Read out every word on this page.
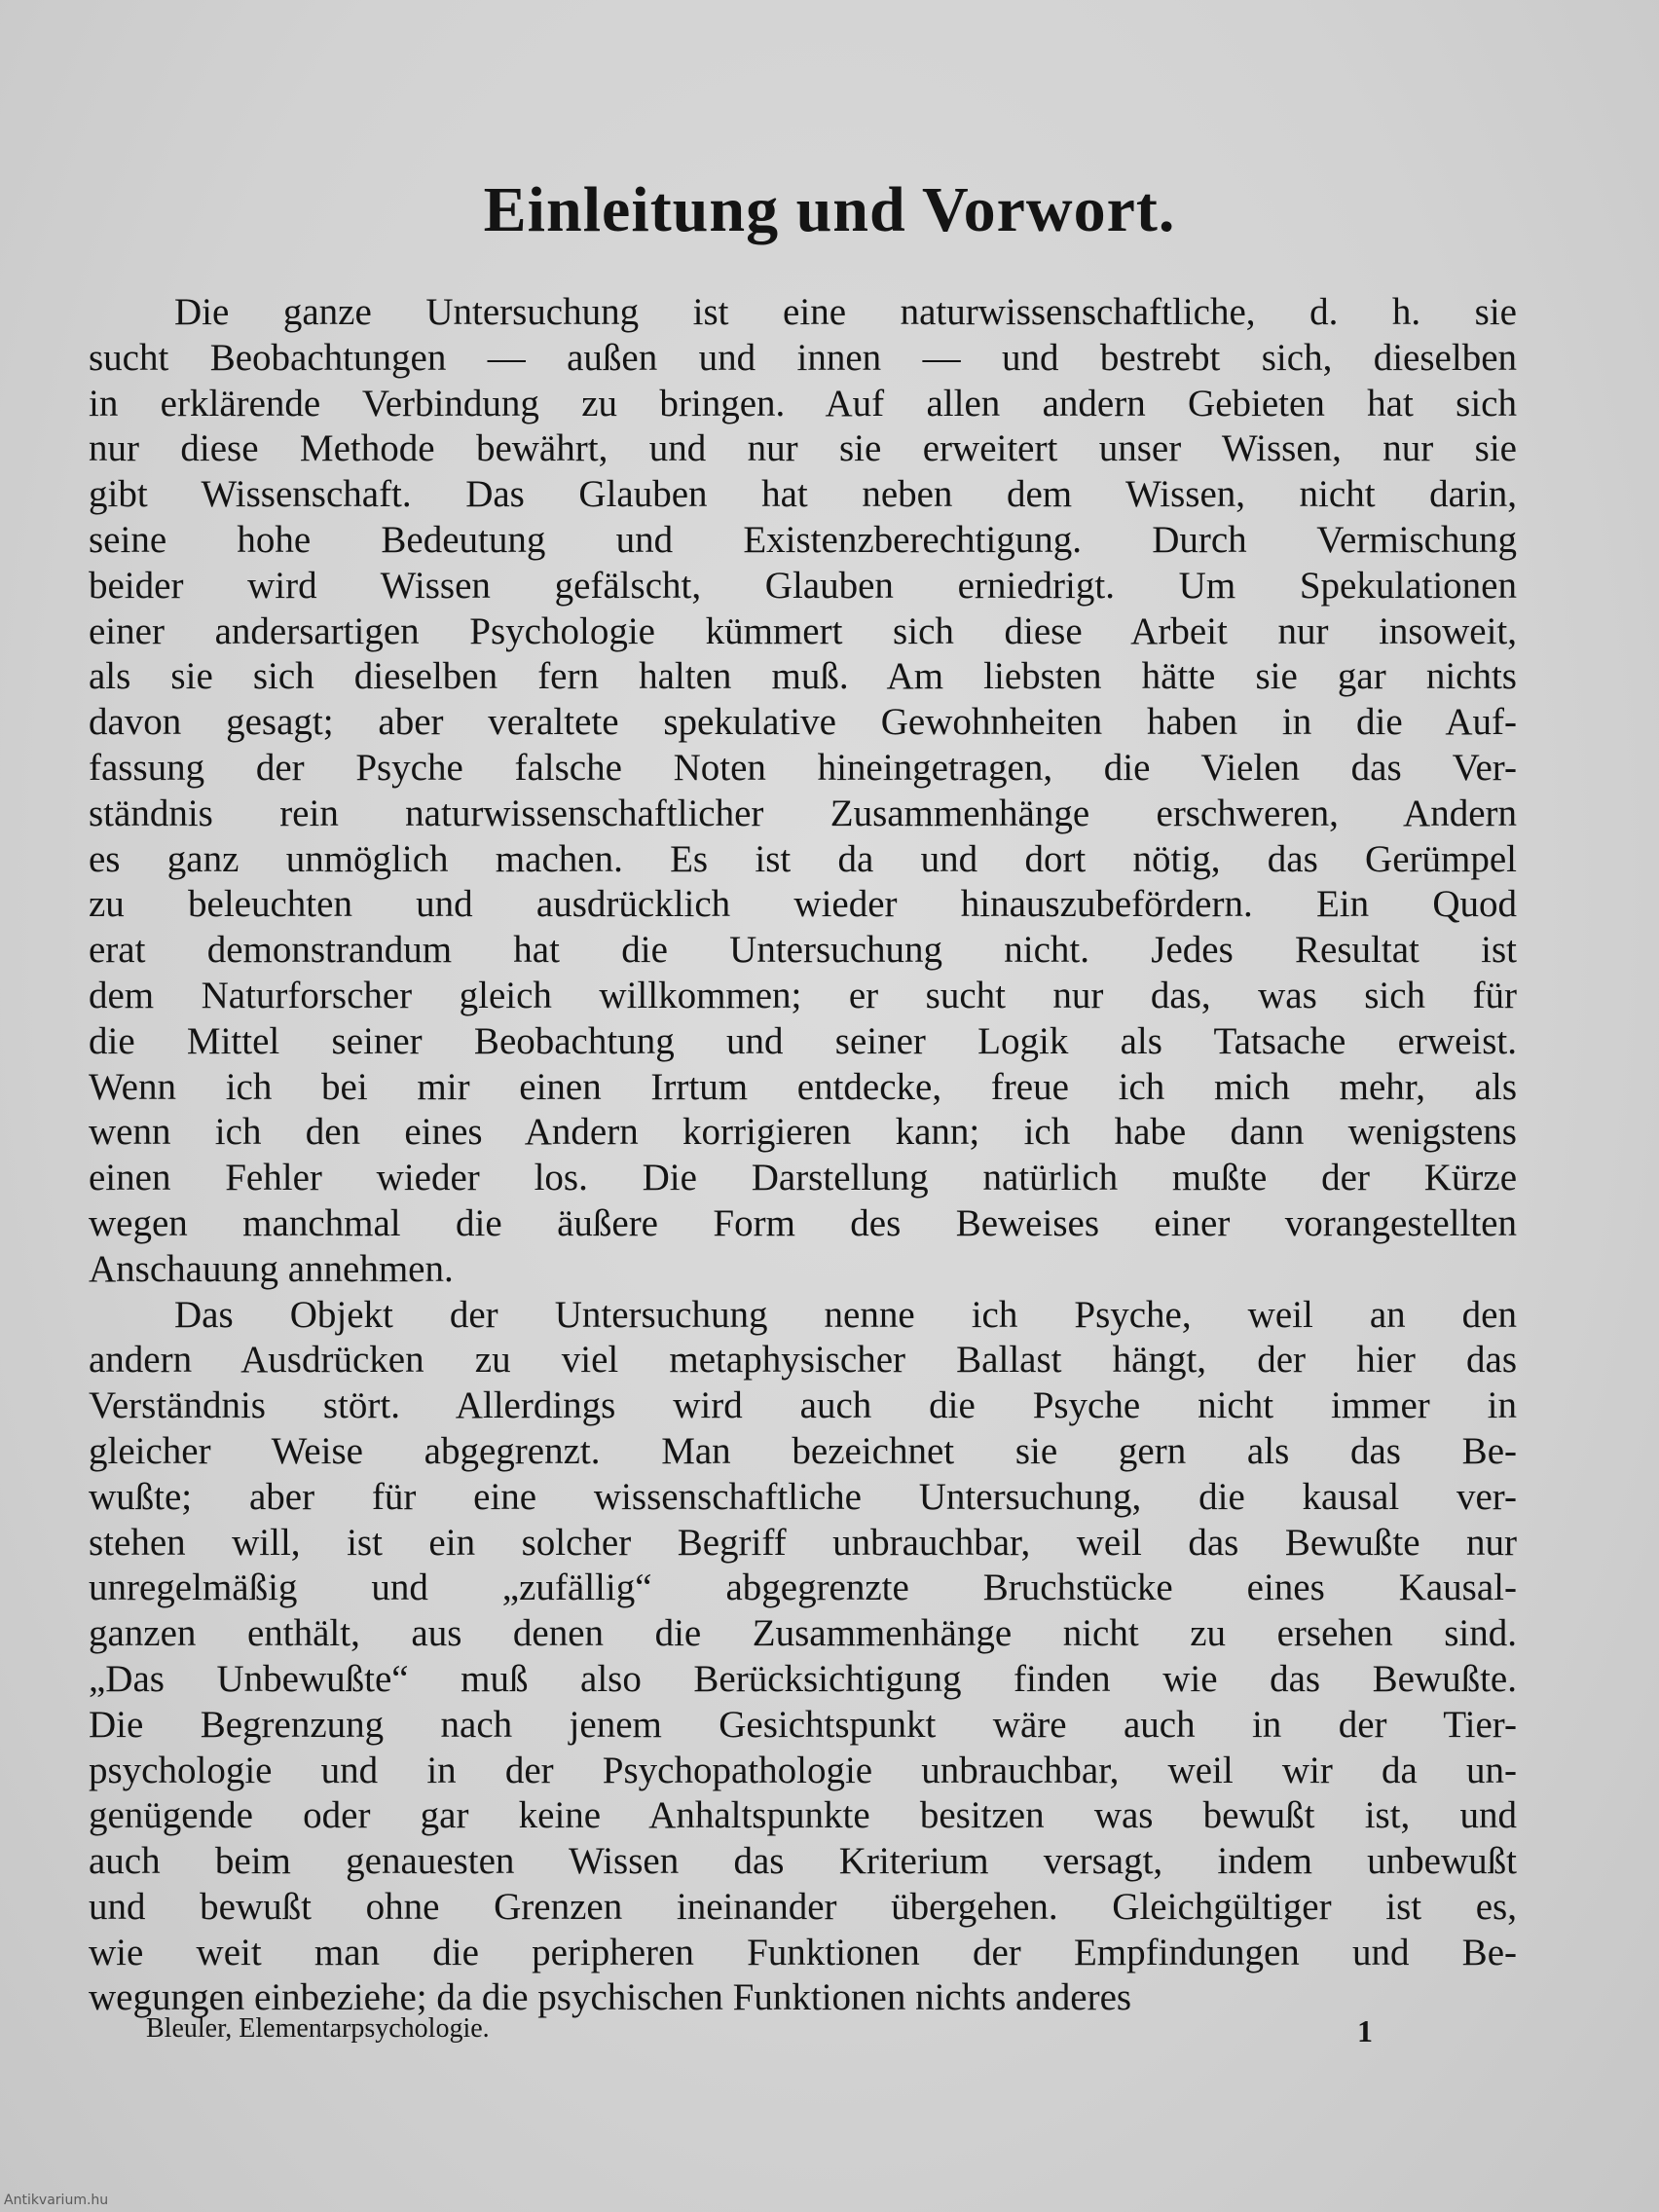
Einleitung und Vorwort.

Die ganze Untersuchung ist eine naturwissenschaftliche, d. h. sie
sucht Beobachtungen — außen und innen — und bestrebt sich, dieselben
in erklärende Verbindung zu bringen. Auf allen andern Gebieten hat sich
nur diese Methode bewährt, und nur sie erweitert unser Wissen, nur sie
gibt Wissenschaft. Das Glauben hat neben dem Wissen, nicht darin,
seine hohe Bedeutung und Existenzberechtigung. Durch Vermischung
beider wird Wissen gefälscht, Glauben erniedrigt. Um Spekulationen
einer andersartigen Psychologie kümmert sich diese Arbeit nur insoweit,
als sie sich dieselben fern halten muß. Am liebsten hätte sie gar nichts
davon gesagt; aber veraltete spekulative Gewohnheiten haben in die Auf-
fassung der Psyche falsche Noten hineingetragen, die Vielen das Ver-
ständnis rein naturwissenschaftlicher Zusammenhänge erschweren, Andern
es ganz unmöglich machen. Es ist da und dort nötig, das Gerümpel
zu beleuchten und ausdrücklich wieder hinauszubefördern. Ein Quod
erat demonstrandum hat die Untersuchung nicht. Jedes Resultat ist
dem Naturforscher gleich willkommen; er sucht nur das, was sich für
die Mittel seiner Beobachtung und seiner Logik als Tatsache erweist.
Wenn ich bei mir einen Irrtum entdecke, freue ich mich mehr, als
wenn ich den eines Andern korrigieren kann; ich habe dann wenigstens
einen Fehler wieder los. Die Darstellung natürlich mußte der Kürze
wegen manchmal die äußere Form des Beweises einer vorangestellten
Anschauung annehmen.

Das Objekt der Untersuchung nenne ich Psyche, weil an den
andern Ausdrücken zu viel metaphysischer Ballast hängt, der hier das
Verständnis stört. Allerdings wird auch die Psyche nicht immer in
gleicher Weise abgegrenzt. Man bezeichnet sie gern als das Be-
wußte; aber für eine wissenschaftliche Untersuchung, die kausal ver-
stehen will, ist ein solcher Begriff unbrauchbar, weil das Bewußte nur
unregelmäßig und „zufällig“ abgegrenzte Bruchstücke eines Kausal-
ganzen enthält, aus denen die Zusammenhänge nicht zu ersehen sind.
„Das Unbewußte“ muß also Berücksichtigung finden wie das Bewußte.
Die Begrenzung nach jenem Gesichtspunkt wäre auch in der Tier-
psychologie und in der Psychopathologie unbrauchbar, weil wir da un-
genügende oder gar keine Anhaltspunkte besitzen was bewußt ist, und
auch beim genauesten Wissen das Kriterium versagt, indem unbewußt
und bewußt ohne Grenzen ineinander übergehen. Gleichgültiger ist es,
wie weit man die peripheren Funktionen der Empfindungen und Be-
wegungen einbeziehe; da die psychischen Funktionen nichts anderes

Bleuler, Elementarpsychologie.	1
Antikvarium.hu
